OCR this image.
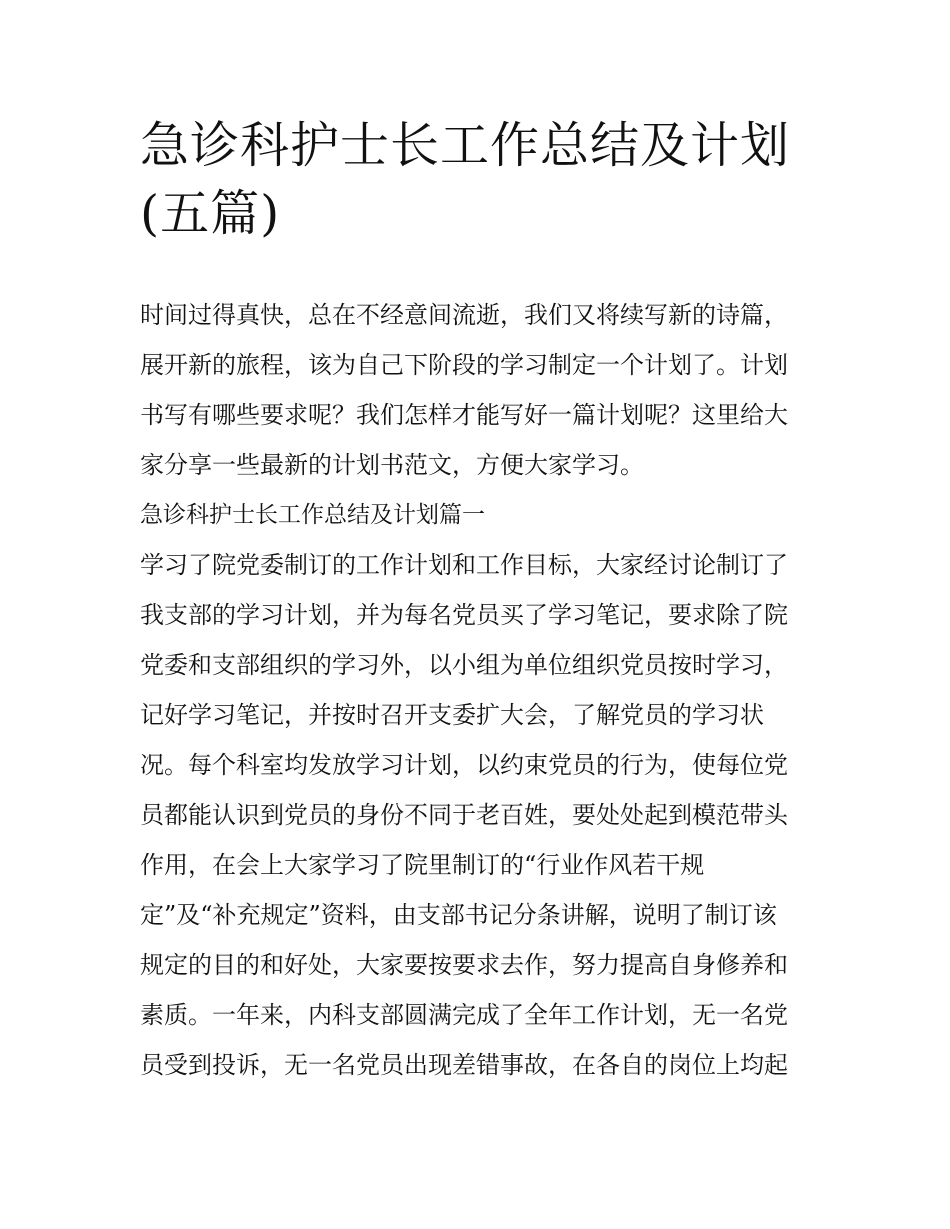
急诊科护士长工作总结及计划
(五篇)
时间过得真快，总在不经意间流逝，我们又将续写新的诗篇，
展开新的旅程，该为自己下阶段的学习制定一个计划了。计划
书写有哪些要求呢？我们怎样才能写好一篇计划呢？这里给大
家分享一些最新的计划书范文，方便大家学习。
急诊科护士长工作总结及计划篇一
学习了院党委制订的工作计划和工作目标，大家经讨论制订了
我支部的学习计划，并为每名党员买了学习笔记，要求除了院
党委和支部组织的学习外，以小组为单位组织党员按时学习，
记好学习笔记，并按时召开支委扩大会，了解党员的学习状
况。每个科室均发放学习计划，以约束党员的行为，使每位党
员都能认识到党员的身份不同于老百姓，要处处起到模范带头
作用，在会上大家学习了院里制订的“行业作风若干规
定”及“补充规定”资料，由支部书记分条讲解，说明了制订该
规定的目的和好处，大家要按要求去作，努力提高自身修养和
素质。一年来，内科支部圆满完成了全年工作计划，无一名党
员受到投诉，无一名党员出现差错事故，在各自的岗位上均起
